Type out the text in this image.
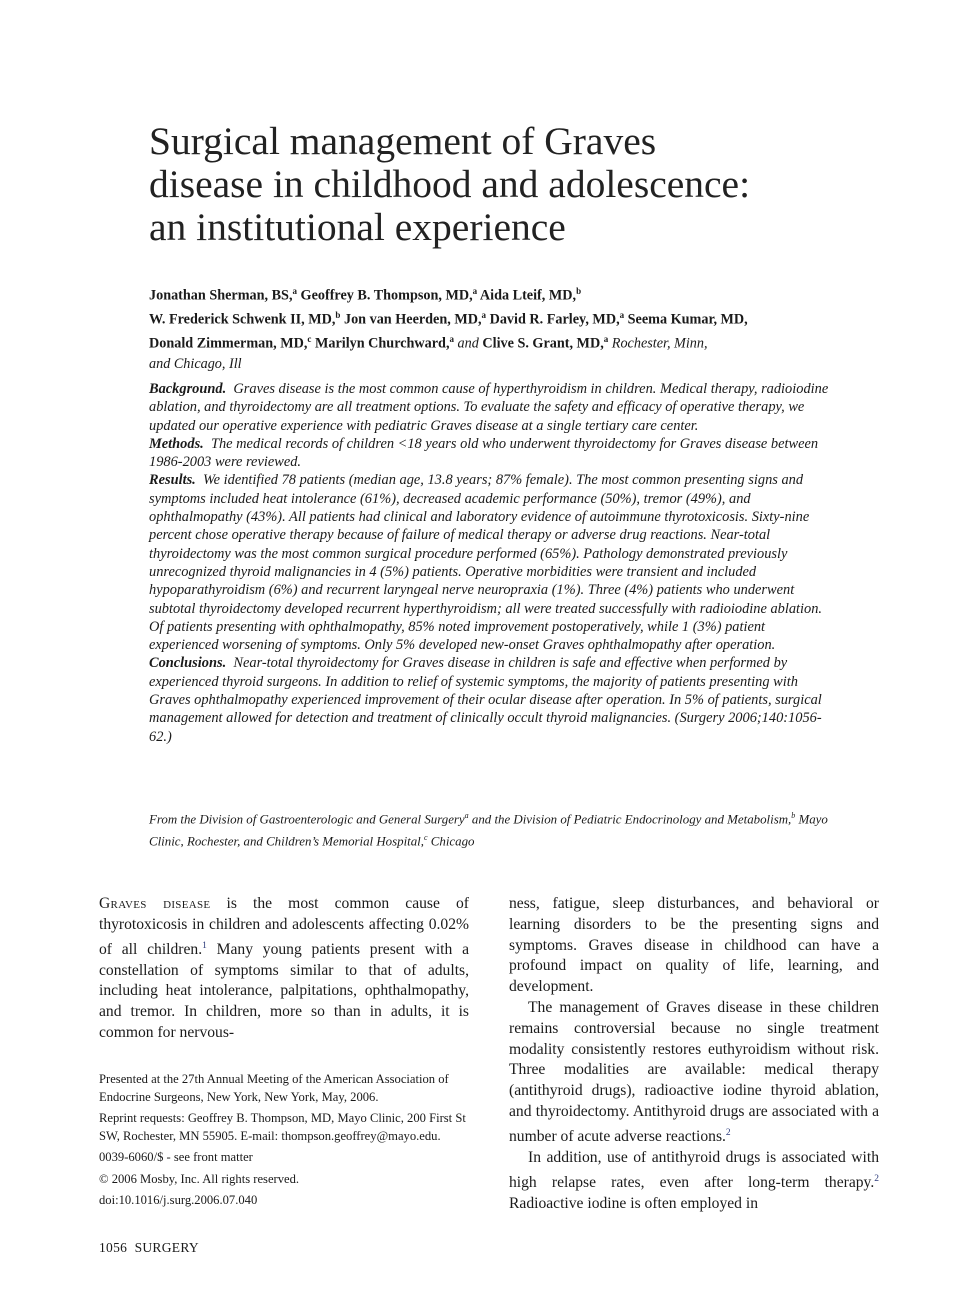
Surgical management of Graves
disease in childhood and adolescence:
an institutional experience
Jonathan Sherman, BS,$^a$ Geoffrey B. Thompson, MD,$^a$ Aida Lteif, MD,$^b$
W. Frederick Schwenk II, MD,$^b$ Jon van Heerden, MD,$^a$ David R. Farley, MD,$^a$ Seema Kumar, MD,
Donald Zimmerman, MD,$^c$ Marilyn Churchward,$^a$ and Clive S. Grant, MD,$^a$ Rochester, Minn,
and Chicago, Ill

Background. Graves disease is the most common cause of hyperthyroidism in children. Medical therapy, radioiodine ablation, and thyroidectomy are all treatment options. To evaluate the safety and efficacy of operative therapy, we updated our operative experience with pediatric Graves disease at a single tertiary care center.

Methods. The medical records of children <18 years old who underwent thyroidectomy for Graves disease between 1986-2003 were reviewed.

Results. We identified 78 patients (median age, 13.8 years; 87% female). The most common presenting signs and symptoms included heat intolerance (61%), decreased academic performance (50%), tremor (49%), and ophthalmopathy (43%). All patients had clinical and laboratory evidence of autoimmune thyrotoxicosis. Sixty-nine percent chose operative therapy because of failure of medical therapy or adverse drug reactions. Near-total thyroidectomy was the most common surgical procedure performed (65%). Pathology demonstrated previously unrecognized thyroid malignancies in 4 (5%) patients. Operative morbidities were transient and included hypoparathyroidism (6%) and recurrent laryngeal nerve neuropraxia (1%). Three (4%) patients who underwent subtotal thyroidectomy developed recurrent hyperthyroidism; all were treated successfully with radioiodine ablation. Of patients presenting with ophthalmopathy, 85% noted improvement postoperatively, while 1 (3%) patient experienced worsening of symptoms. Only 5% developed new-onset Graves ophthalmopathy after operation.

Conclusions. Near-total thyroidectomy for Graves disease in children is safe and effective when performed by experienced thyroid surgeons. In addition to relief of systemic symptoms, the majority of patients presenting with Graves ophthalmopathy experienced improvement of their ocular disease after operation. In 5% of patients, surgical management allowed for detection and treatment of clinically occult thyroid malignancies. (Surgery 2006;140:1056-62.)

From the Division of Gastroenterologic and General Surgery$^a$ and the Division of Pediatric Endocrinology and Metabolism,$^b$ Mayo Clinic, Rochester, and Children’s Memorial Hospital,$^c$ Chicago

Graves disease is the most common cause of thyrotoxicosis in children and adolescents affecting 0.02% of all children.$^1$ Many young patients present with a constellation of symptoms similar to that of adults, including heat intolerance, palpitations, ophthalmopathy, and tremor. In children, more so than in adults, it is common for nervous-

Presented at the 27th Annual Meeting of the American Association of Endocrine Surgeons, New York, New York, May, 2006.

Reprint requests: Geoffrey B. Thompson, MD, Mayo Clinic, 200 First St SW, Rochester, MN 55905. E-mail: thompson.geoffrey@mayo.edu.

0039-6060/$ - see front matter

© 2006 Mosby, Inc. All rights reserved.

doi:10.1016/j.surg.2006.07.040

ness, fatigue, sleep disturbances, and behavioral or learning disorders to be the presenting signs and symptoms. Graves disease in childhood can have a profound impact on quality of life, learning, and development.

The management of Graves disease in these children remains controversial because no single treatment modality consistently restores euthyroidism without risk. Three modalities are available: medical therapy (antithyroid drugs), radioactive iodine thyroid ablation, and thyroidectomy. Antithyroid drugs are associated with a number of acute adverse reactions.$^2$

In addition, use of antithyroid drugs is associated with high relapse rates, even after long-term therapy.$^2$ Radioactive iodine is often employed in

1056 SURGERY
